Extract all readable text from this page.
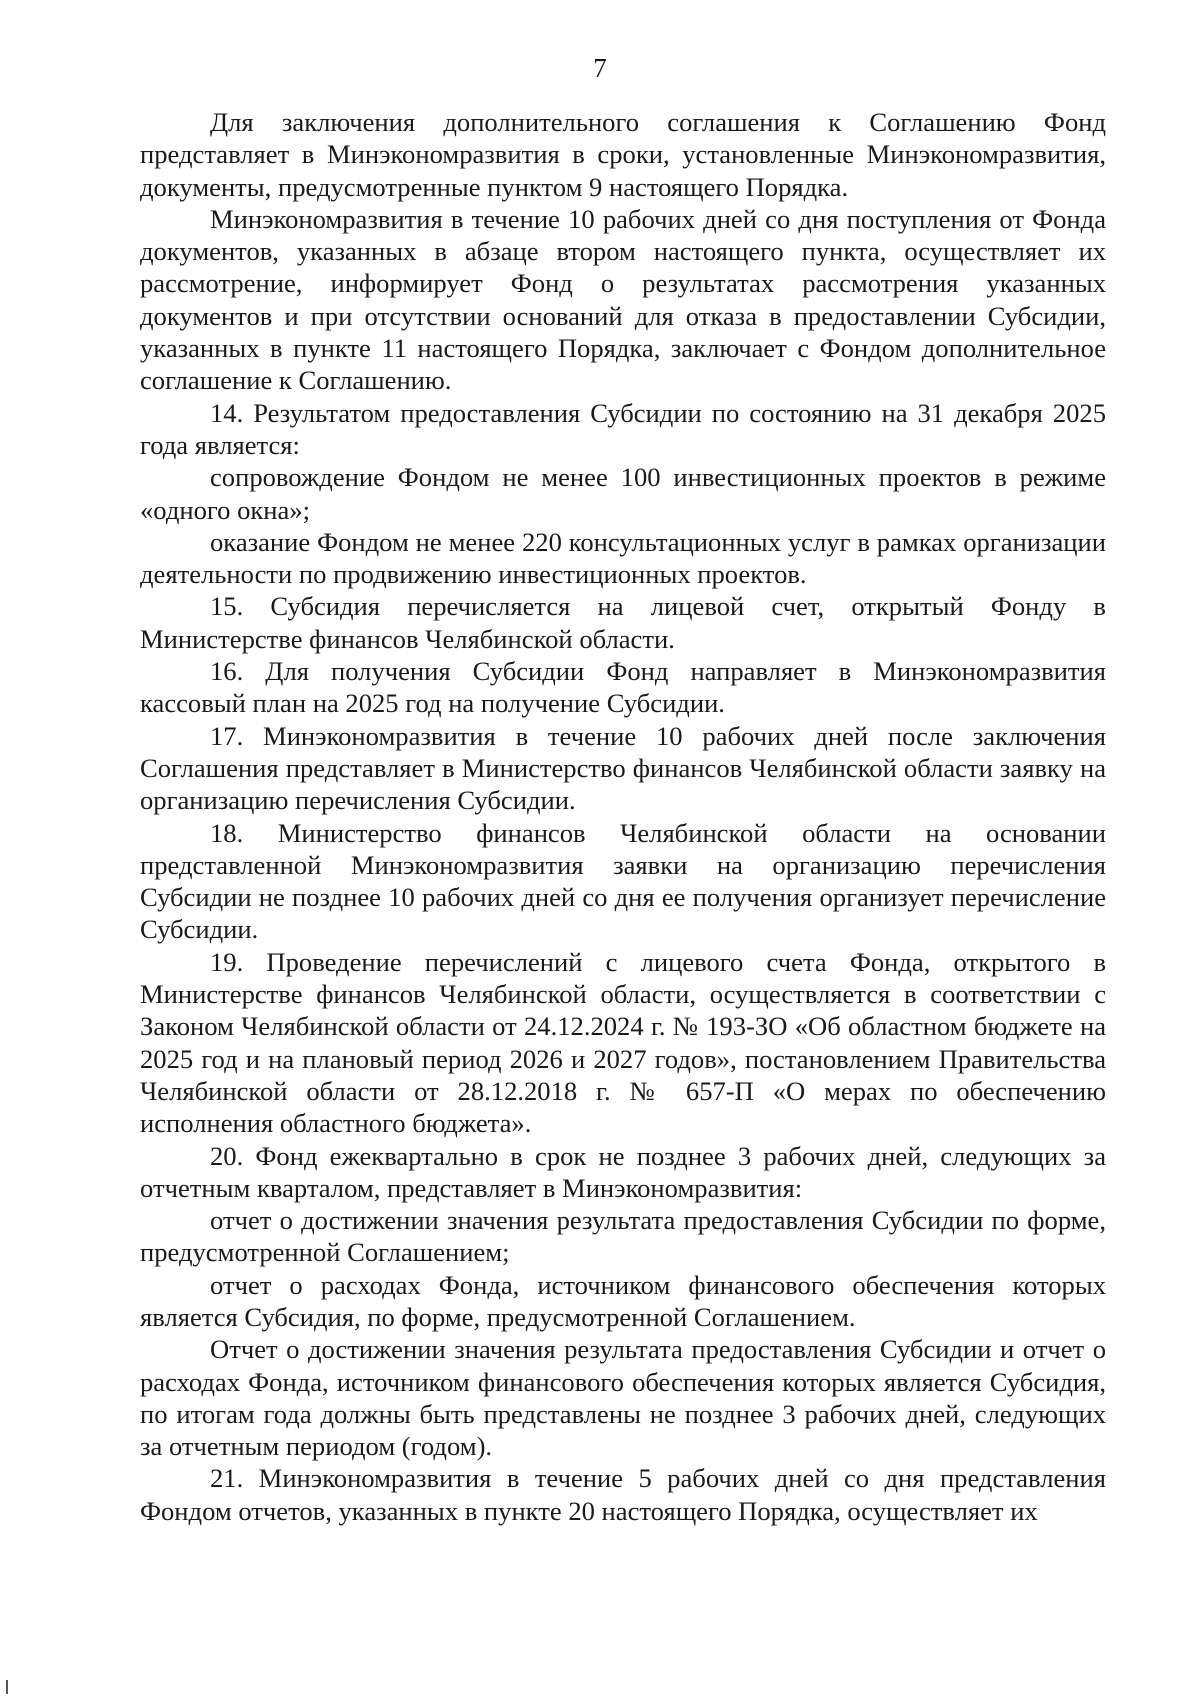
7

Для заключения дополнительного соглашения к Соглашению Фонд представляет в Минэкономразвития в сроки, установленные Минэкономразвития, документы, предусмотренные пунктом 9 настоящего Порядка.

Минэкономразвития в течение 10 рабочих дней со дня поступления от Фонда документов, указанных в абзаце втором настоящего пункта, осуществляет их рассмотрение, информирует Фонд о результатах рассмотрения указанных документов и при отсутствии оснований для отказа в предоставлении Субсидии, указанных в пункте 11 настоящего Порядка, заключает с Фондом дополнительное соглашение к Соглашению.

14. Результатом предоставления Субсидии по состоянию на 31 декабря 2025 года является:

сопровождение Фондом не менее 100 инвестиционных проектов в режиме «одного окна»;

оказание Фондом не менее 220 консультационных услуг в рамках организации деятельности по продвижению инвестиционных проектов.

15. Субсидия перечисляется на лицевой счет, открытый Фонду в Министерстве финансов Челябинской области.

16. Для получения Субсидии Фонд направляет в Минэкономразвития кассовый план на 2025 год на получение Субсидии.

17. Минэкономразвития в течение 10 рабочих дней после заключения Соглашения представляет в Министерство финансов Челябинской области заявку на организацию перечисления Субсидии.

18. Министерство финансов Челябинской области на основании представленной Минэкономразвития заявки на организацию перечисления Субсидии не позднее 10 рабочих дней со дня ее получения организует перечисление Субсидии.

19. Проведение перечислений с лицевого счета Фонда, открытого в Министерстве финансов Челябинской области, осуществляется в соответствии с Законом Челябинской области от 24.12.2024 г. № 193-ЗО «Об областном бюджете на 2025 год и на плановый период 2026 и 2027 годов», постановлением Правительства Челябинской области от 28.12.2018 г. № 657-П «О мерах по обеспечению исполнения областного бюджета».

20. Фонд ежеквартально в срок не позднее 3 рабочих дней, следующих за отчетным кварталом, представляет в Минэкономразвития:

отчет о достижении значения результата предоставления Субсидии по форме, предусмотренной Соглашением;

отчет о расходах Фонда, источником финансового обеспечения которых является Субсидия, по форме, предусмотренной Соглашением.

Отчет о достижении значения результата предоставления Субсидии и отчет о расходах Фонда, источником финансового обеспечения которых является Субсидия, по итогам года должны быть представлены не позднее 3 рабочих дней, следующих за отчетным периодом (годом).

21. Минэкономразвития в течение 5 рабочих дней со дня представления Фондом отчетов, указанных в пункте 20 настоящего Порядка, осуществляет их
